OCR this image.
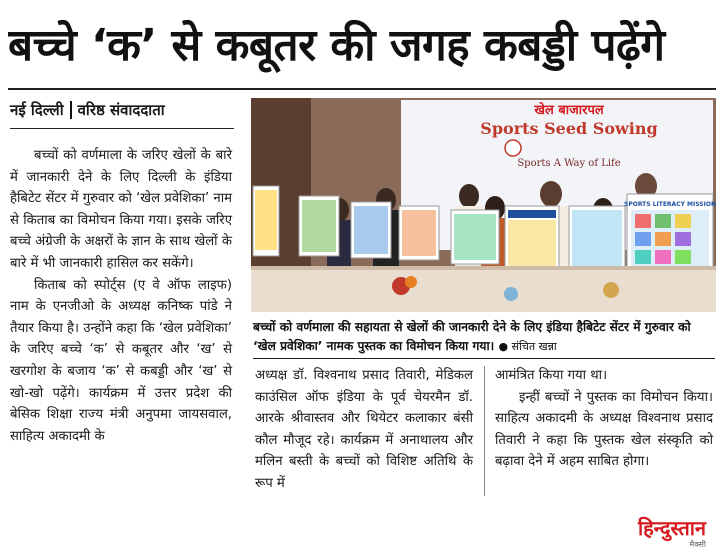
बच्चे ‘क’ से कबूतर की जगह कबड्डी पढ़ेंगे
नई दिल्ली वरिष्ठ संवाददाता

बच्चों को वर्णमाला के जरिए खेलों के बारे में जानकारी देने के लिए दिल्ली के इंडिया हैबिटेट सेंटर में गुरुवार को ‘खेल प्रवेशिका’ नाम से किताब का विमोचन किया गया। इसके जरिए बच्चे अंग्रेजी के अक्षरों के ज्ञान के साथ खेलों के बारे में भी जानकारी हासिल कर सकेंगे।

किताब को स्पोर्ट्स (ए वे ऑफ लाइफ) नाम के एनजीओ के अध्यक्ष कनिष्क पांडे ने तैयार किया है। उन्होंने कहा कि ‘खेल प्रवेशिका’ के जरिए बच्चे ‘क’ से कबूतर और ‘ख’ से खरगोश के बजाय ‘क’ से कबड्डी और ‘ख’ से खो-खो पढ़ेंगे। कार्यक्रम में उत्तर प्रदेश की बेसिक शिक्षा राज्य मंत्री अनुपमा जायसवाल, साहित्य अकादमी के

खेल बाजारपल
Sports Seed Sowing
Sports A Way of Life
SPORTS LITERACY MISSION
बच्चों को वर्णमाला की सहायता से खेलों की जानकारी देने के लिए इंडिया हैबिटेट सेंटर में गुरुवार को ‘खेल प्रवेशिका’ नामक पुस्तक का विमोचन किया गया। ● संचित खन्ना

अध्यक्ष डॉ. विश्वनाथ प्रसाद तिवारी, मेडिकल काउंसिल ऑफ इंडिया के पूर्व चेयरमैन डॉ. आरके श्रीवास्तव और थियेटर कलाकार बंसी कौल मौजूद रहे। कार्यक्रम में अनाथालय और मलिन बस्ती के बच्चों को विशिष्ट अतिथि के रूप में

आमंत्रित किया गया था।

इन्हीं बच्चों ने पुस्तक का विमोचन किया। साहित्य अकादमी के अध्यक्ष विश्वनाथ प्रसाद तिवारी ने कहा कि पुस्तक खेल संस्कृति को बढ़ावा देने में अहम साबित होगा।

हिन्दुस्तान
मैक्सी
